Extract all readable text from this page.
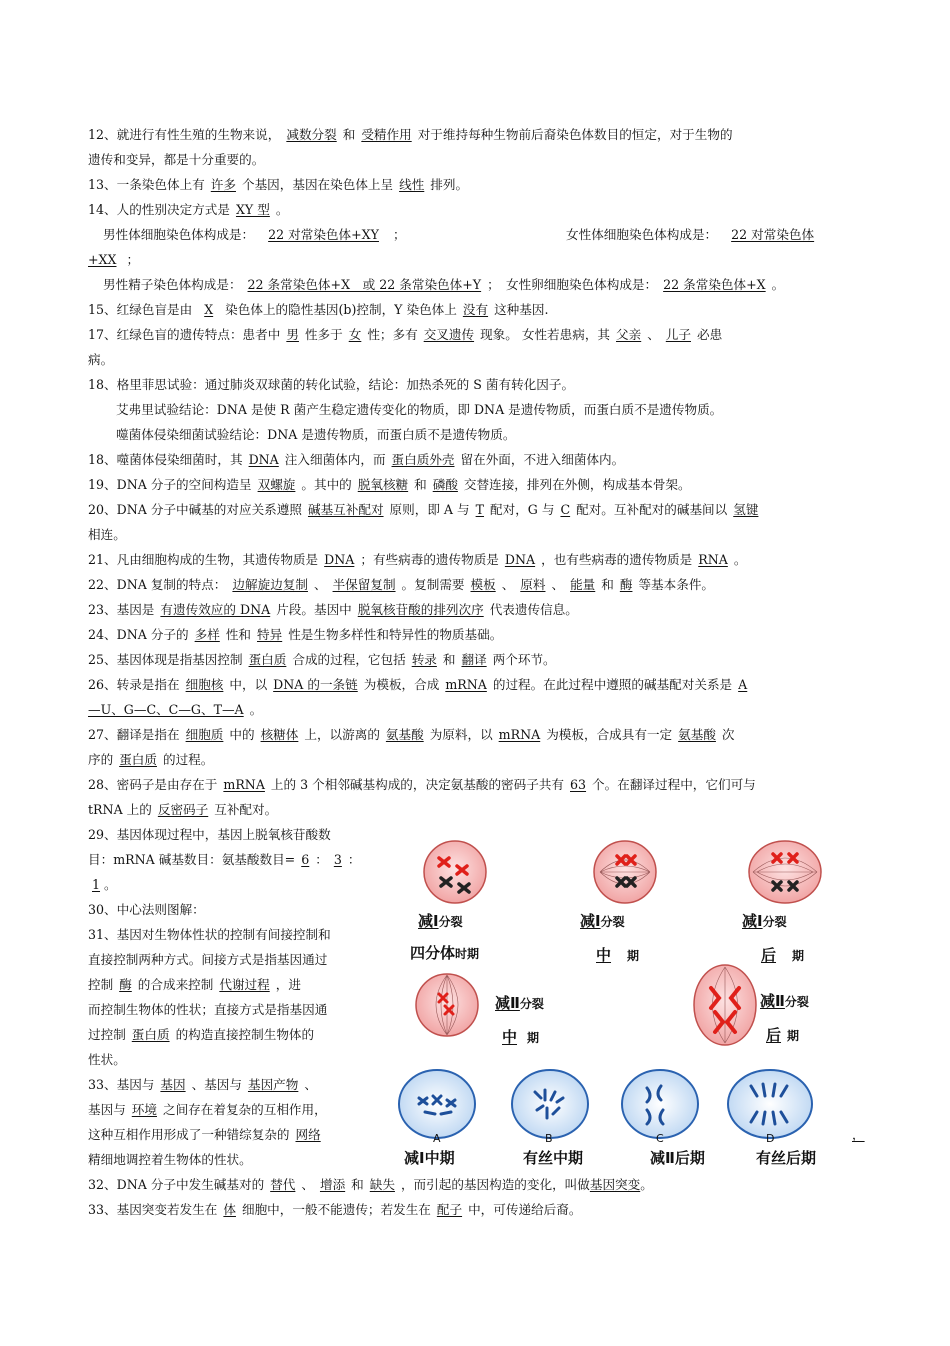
12、就进行有性生殖的生物来说， 减数分裂 和 受精作用 对于维持每种生物前后裔染色体数目的恒定，对于生物的
遗传和变异，都是十分重要的。
13、一条染色体上有 许多 个基因，基因在染色体上呈 线性 排列。
14、人的性别决定方式是 XY 型 。
男性体细胞染色体构成是： 22 对常染色体+XY ；	女性体细胞染色体构成是： 22 对常染色体
+XX ；
男性精子染色体构成是： 22 条常染色体+X　或 22 条常染色体+Y ；　女性卵细胞染色体构成是： 22 条常染色体+X 。
15、红绿色盲是由 X 染色体上的隐性基因(b)控制，Y 染色体上 没有 这种基因.
17、红绿色盲的遗传特点：患者中 男 性多于 女 性；多有 交叉遗传 现象。 女性若患病，其 父亲 、 儿子 必患
病。
18、格里菲思试验：通过肺炎双球菌的转化试验，结论：加热杀死的 S 菌有转化因子。
艾弗里试验结论：DNA 是使 R 菌产生稳定遗传变化的物质，即 DNA 是遗传物质，而蛋白质不是遗传物质。
噬菌体侵染细菌试验结论：DNA 是遗传物质，而蛋白质不是遗传物质。
18、噬菌体侵染细菌时，其 DNA 注入细菌体内，而 蛋白质外壳 留在外面，不进入细菌体内。
19、DNA 分子的空间构造呈 双螺旋 。其中的 脱氧核糖 和 磷酸 交替连接，排列在外侧，构成基本骨架。
20、DNA 分子中碱基的对应关系遵照 碱基互补配对 原则，即 A 与 T 配对，G 与 C 配对。互补配对的碱基间以 氢键
相连。
21、凡由细胞构成的生物，其遗传物质是 DNA ；有些病毒的遗传物质是 DNA ，也有些病毒的遗传物质是 RNA 。
22、DNA 复制的特点： 边解旋边复制 、 半保留复制 。复制需要 模板 、 原料 、 能量 和 酶 等基本条件。
23、基因是 有遗传效应的 DNA 片段。基因中 脱氧核苷酸的排列次序 代表遗传信息。
24、DNA 分子的 多样 性和 特异 性是生物多样性和特异性的物质基础。
25、基因体现是指基因控制 蛋白质 合成的过程，它包括 转录 和 翻译 两个环节。
26、转录是指在 细胞核 中，以 DNA 的一条链 为模板，合成 mRNA 的过程。在此过程中遵照的碱基配对关系是 A
—U、G—C、C—G、T—A 。
27、翻译是指在 细胞质 中的 核糖体 上，以游离的 氨基酸 为原料，以 mRNA 为模板，合成具有一定 氨基酸 次
序的 蛋白质 的过程。
28、密码子是由存在于 mRNA 上的 3 个相邻碱基构成的，决定氨基酸的密码子共有 63 个。在翻译过程中，它们可与
tRNA 上的 反密码子 互补配对。
29、基因体现过程中，基因上脱氧核苷酸数
目：mRNA 碱基数目：氨基酸数目= 6 ： 3 ：
1 。
30、中心法则图解：
31、基因对生物体性状的控制有间接控制和
直接控制两种方式。间接方式是指基因通过
控制 酶 的合成来控制 代谢过程 ，进
而控制生物体的性状；直接方式是指基因通
过控制 蛋白质 的构造直接控制生物体的
性状。
33、基因与 基因 、基因与 基因产物 、
基因与 环境 之间存在着复杂的互相作用，
这种互相作用形成了一种错综复杂的 网络
精细地调控着生物体的性状。
，
32、DNA 分子中发生碱基对的 替代 、 增添 和 缺失 ，而引起的基因构造的变化，叫做基因突变。
33、基因突变若发生在 体 细胞中，一般不能遗传；若发生在 配子 中，可传递给后裔。
减Ⅰ分裂
四分体时期
减Ⅰ分裂
中 期
减Ⅰ分裂
后 期
减Ⅱ分裂
中 期
减Ⅱ分裂
后 期
A	B	C	D
减Ⅰ中期	有丝中期	减Ⅱ后期	有丝后期
